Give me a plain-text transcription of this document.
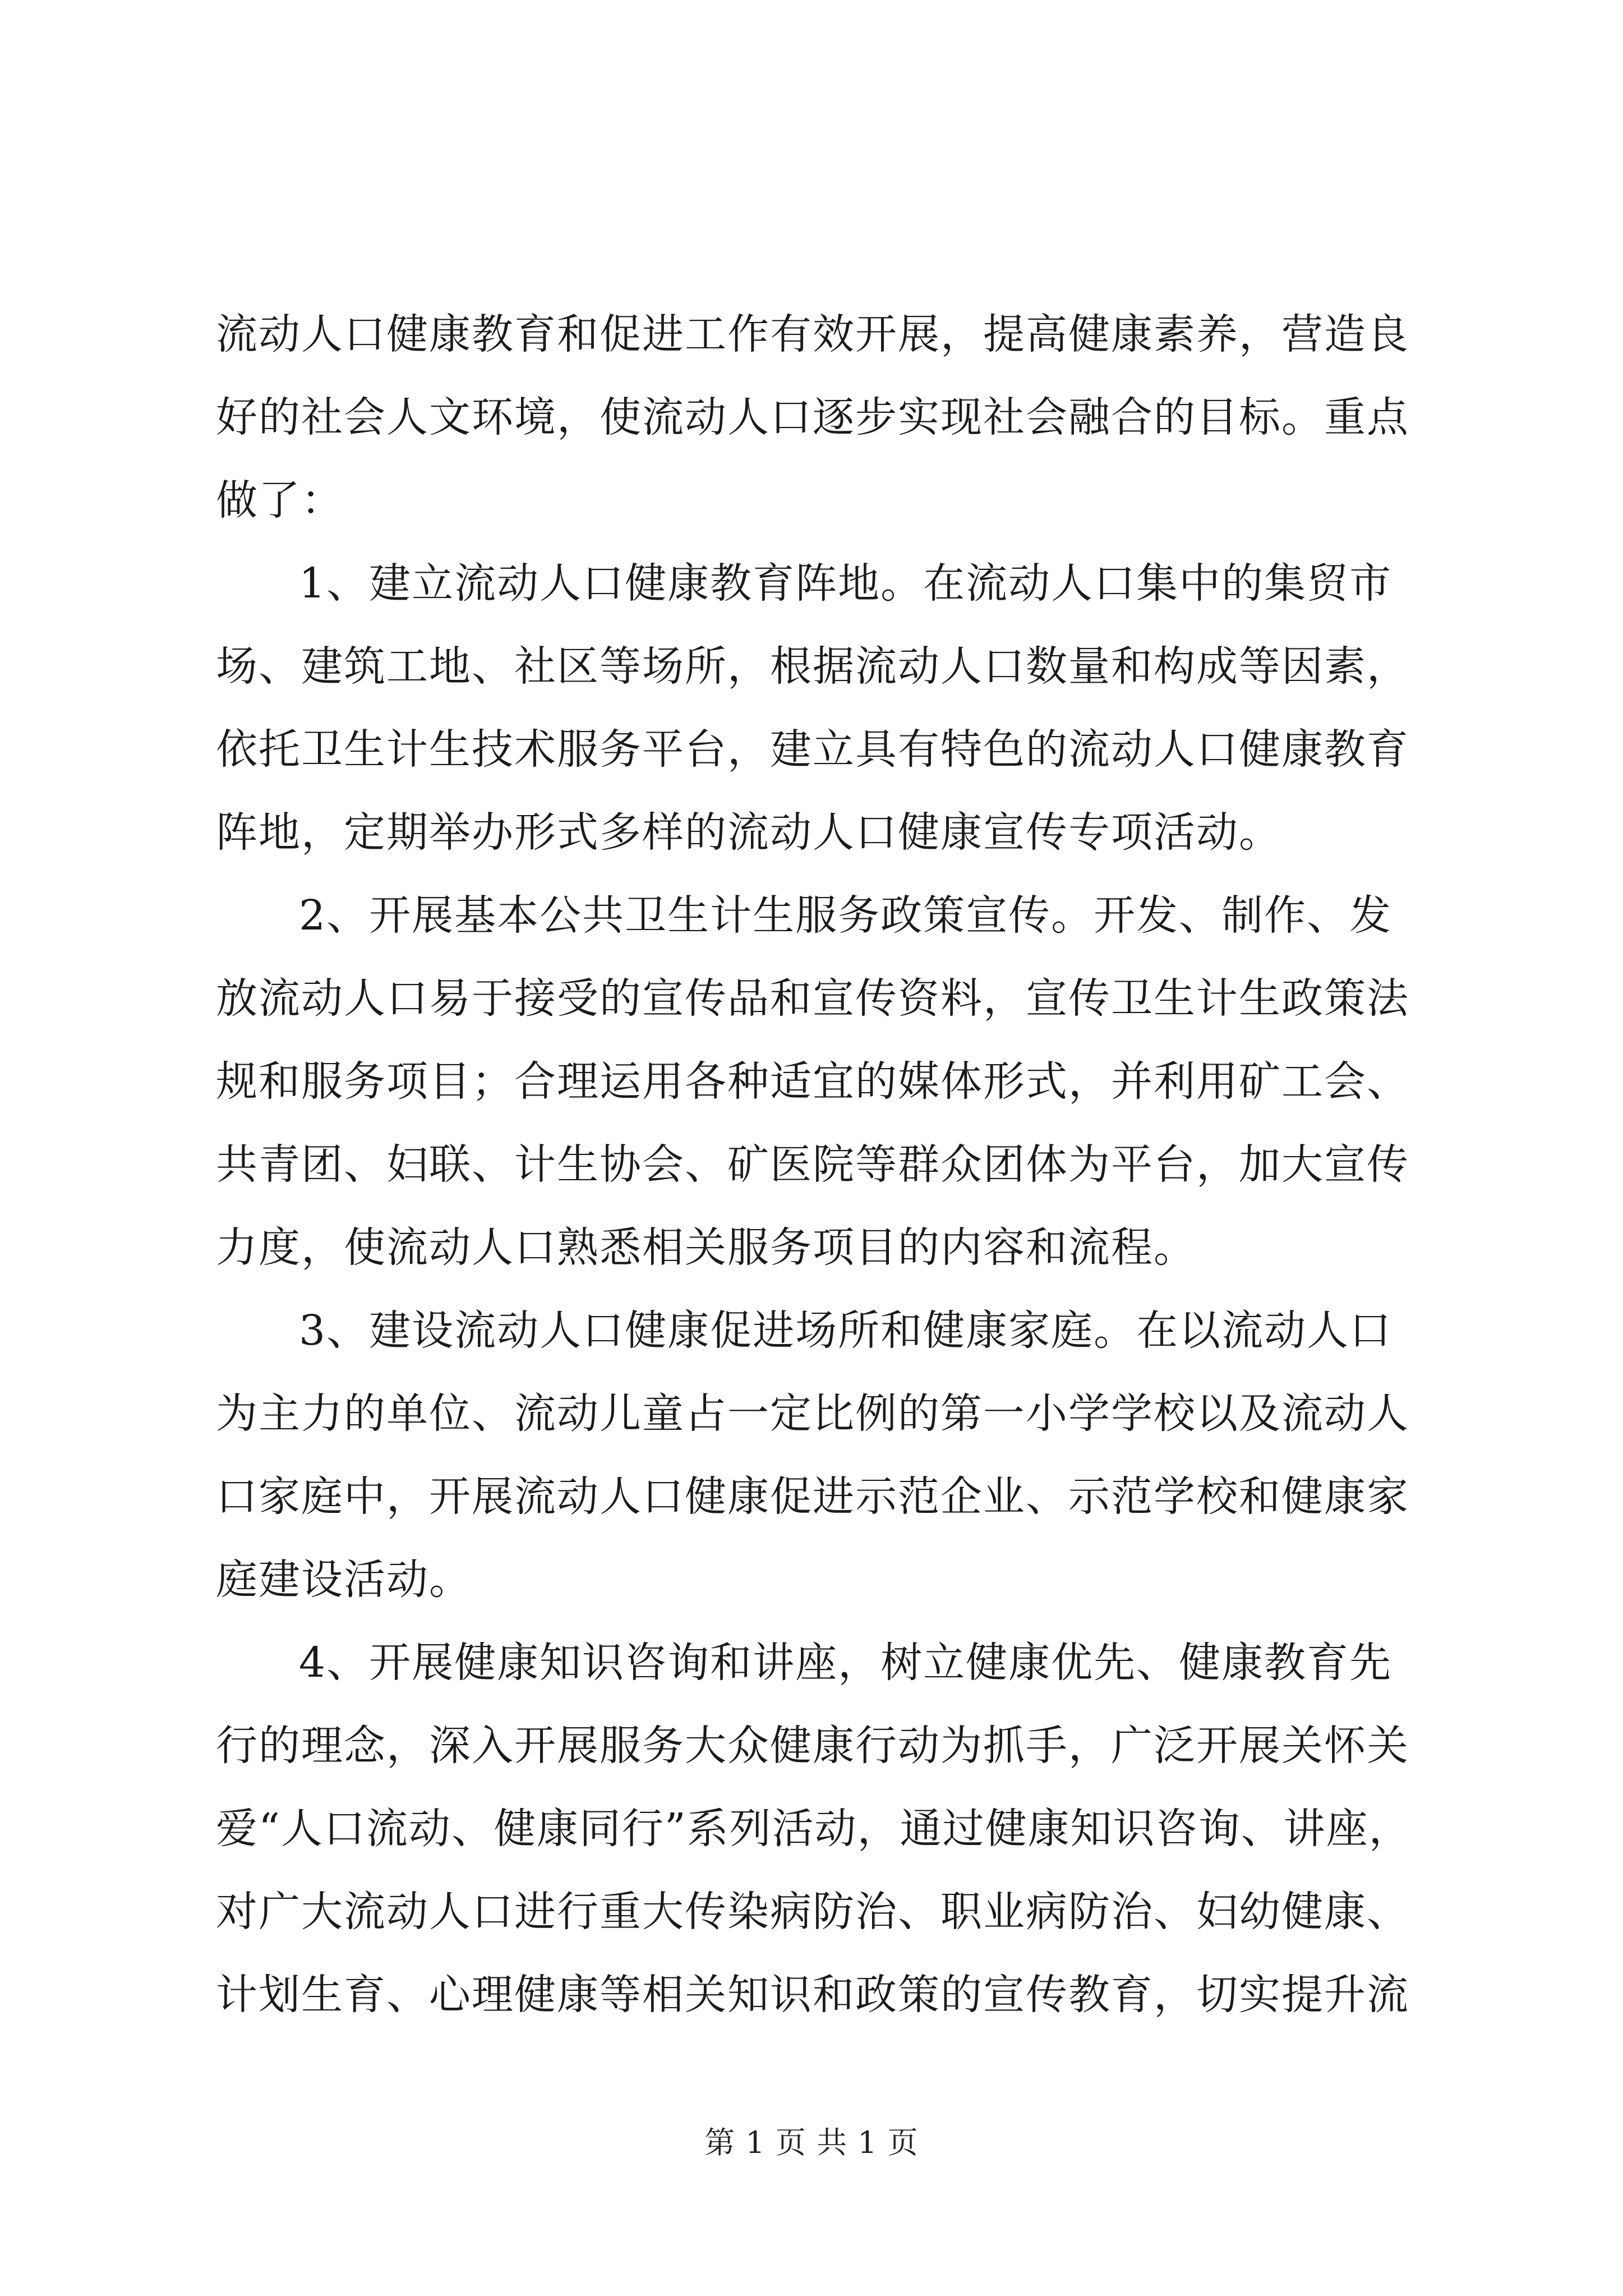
流动人口健康教育和促进工作有效开展，提高健康素养，营造良
好的社会人文环境，使流动人口逐步实现社会融合的目标。重点
做了：
1、建立流动人口健康教育阵地。在流动人口集中的集贸市
场、建筑工地、社区等场所，根据流动人口数量和构成等因素，
依托卫生计生技术服务平台，建立具有特色的流动人口健康教育
阵地，定期举办形式多样的流动人口健康宣传专项活动。
2、开展基本公共卫生计生服务政策宣传。开发、制作、发
放流动人口易于接受的宣传品和宣传资料，宣传卫生计生政策法
规和服务项目；合理运用各种适宜的媒体形式，并利用矿工会、
共青团、妇联、计生协会、矿医院等群众团体为平台，加大宣传
力度，使流动人口熟悉相关服务项目的内容和流程。
3、建设流动人口健康促进场所和健康家庭。在以流动人口
为主力的单位、流动儿童占一定比例的第一小学学校以及流动人
口家庭中，开展流动人口健康促进示范企业、示范学校和健康家
庭建设活动。
4、开展健康知识咨询和讲座，树立健康优先、健康教育先
行的理念，深入开展服务大众健康行动为抓手，广泛开展关怀关
爱“人口流动、健康同行”系列活动，通过健康知识咨询、讲座，
对广大流动人口进行重大传染病防治、职业病防治、妇幼健康、
计划生育、心理健康等相关知识和政策的宣传教育，切实提升流
第 1 页 共 1 页
